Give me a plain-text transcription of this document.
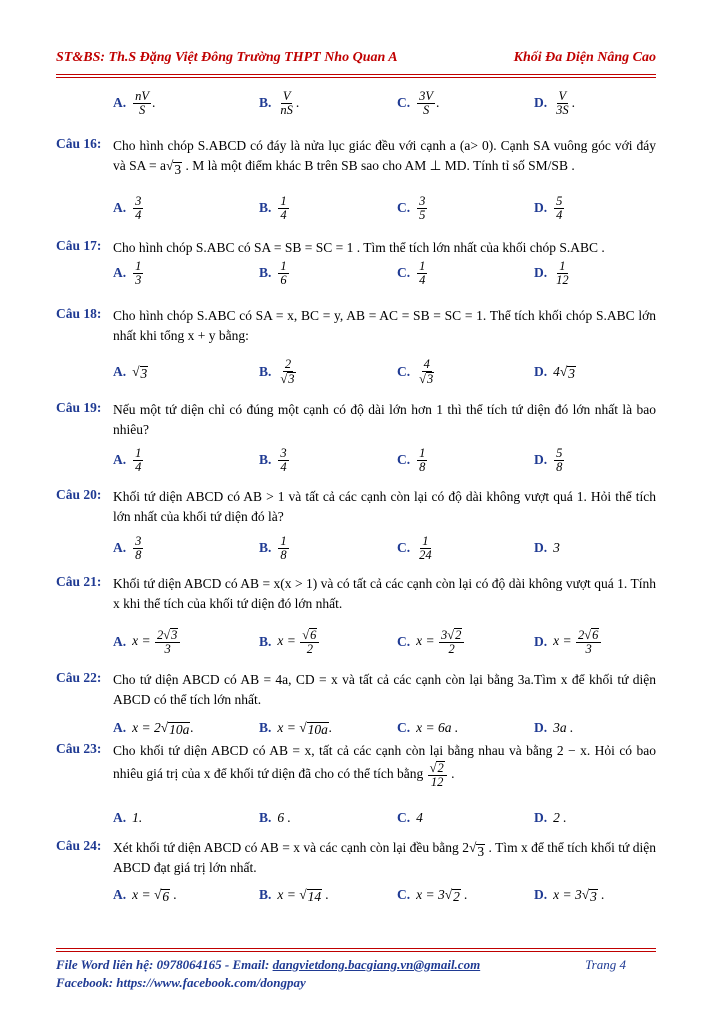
ST&BS: Th.S Đặng Việt Đông Trường THPT Nho Quan A	Khối Đa Diện Nâng Cao
A. $\frac{nV}{S}$ .	B. $\frac{V}{nS}$ .	C. $\frac{3V}{S}$ .	D. $\frac{V}{3S}$ .
Câu 16: Cho hình chóp S.ABCD có đáy là nửa lục giác đều với cạnh a (a> 0). Cạnh SA vuông góc với đáy và SA = a √ 3 . M là một điểm khác B trên SB sao cho AM ⊥ MD. Tính tỉ số SM/SB .
A. $\frac{3}{4}$	B. $\frac{1}{4}$	C. $\frac{3}{5}$	D. $\frac{5}{4}$
Câu 17: Cho hình chóp S.ABC có SA = SB = SC = 1 . Tìm thể tích lớn nhất của khối chóp S.ABC .
A. $\frac{1}{3}$	B. $\frac{1}{6}$	C. $\frac{1}{4}$	D. $\frac{1}{12}$
Câu 18: Cho hình chóp S.ABC có SA = x, BC = y, AB = AC = SB = SC = 1. Thể tích khối chóp S.ABC lớn nhất khi tổng x + y bằng:
A. √ 3	B. $\frac{2}{√ 3}$	C. $\frac{4}{√ 3}$	D. 4 √ 3
Câu 19: Nếu một tứ diện chỉ có đúng một cạnh có độ dài lớn hơn 1 thì thể tích tứ diện đó lớn nhất là bao nhiêu?
A. $\frac{1}{4}$	B. $\frac{3}{4}$	C. $\frac{1}{8}$	D. $\frac{5}{8}$
Câu 20: Khối tứ diện ABCD có AB > 1 và tất cả các cạnh còn lại có độ dài không vượt quá 1. Hỏi thể tích lớn nhất của khối tứ diện đó là?
A. $\frac{3}{8}$	B. $\frac{1}{8}$	C. $\frac{1}{24}$	D. 3
Câu 21: Khối tứ diện ABCD có AB = x(x > 1) và có tất cả các cạnh còn lại có độ dài không vượt quá 1. Tính x khi thể tích của khối tứ diện đó lớn nhất.
A. $x = \frac{2 √ 3}{3}$	B. $x = \frac{√ 6}{2}$	C. $x = \frac{3 √ 2}{2}$	D. $x = \frac{2 √ 6}{3}$
Câu 22: Cho tứ diện ABCD có AB = 4a, CD = x và tất cả các cạnh còn lại bằng 3a.Tìm x để khối tứ diện ABCD có thể tích lớn nhất.
A. x = 2 √ 10a .	B. x = √ 10a .	C. x = 6a .	D. 3a .
Câu 23: Cho khối tứ diện ABCD có AB = x, tất cả các cạnh còn lại bằng nhau và bằng 2 − x. Hỏi có bao nhiêu giá trị của x để khối tứ diện đã cho có thể tích bằng $\frac{√ 2}{12}$ .
A. 1.	B. 6 .	C. 4	D. 2 .
Câu 24: Xét khối tứ diện ABCD có AB = x và các cạnh còn lại đều bằng 2 √ 3 . Tìm x để thể tích khối tứ diện ABCD đạt giá trị lớn nhất.
A. x = √ 6 .	B. x = √ 14 .	C. x = 3 √ 2 .	D. x = 3 √ 3 .
File Word liên hệ: 0978064165 - Email: dangvietdong.bacgiang.vn@gmail.com	Trang 4
Facebook: https://www.facebook.com/dongpay
